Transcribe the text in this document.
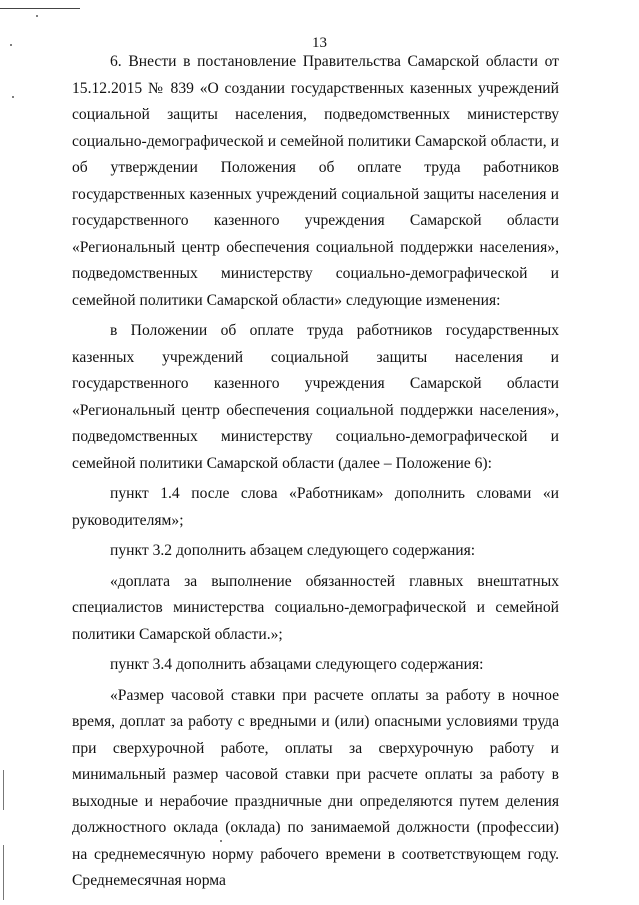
13

6. Внести в постановление Правительства Самарской области от 15.12.2015 № 839 «О создании государственных казенных учреждений социальной защиты населения, подведомственных министерству социально-демографической и семейной политики Самарской области, и об утверждении Положения об оплате труда работников государственных казенных учреждений социальной защиты населения и государственного казенного учреждения Самарской области «Региональный центр обеспечения социальной поддержки населения», подведомственных министерству социально-демографической и семейной политики Самарской области» следующие изменения:

в Положении об оплате труда работников государственных казенных учреждений социальной защиты населения и государственного казенного учреждения Самарской области «Региональный центр обеспечения социальной поддержки населения», подведомственных министерству социально-демографической и семейной политики Самарской области (далее – Положение 6):

пункт 1.4 после слова «Работникам» дополнить словами «и руководителям»;

пункт 3.2 дополнить абзацем следующего содержания:

«доплата за выполнение обязанностей главных внештатных специалистов министерства социально-демографической и семейной политики Самарской области.»;

пункт 3.4 дополнить абзацами следующего содержания:

«Размер часовой ставки при расчете оплаты за работу в ночное время, доплат за работу с вредными и (или) опасными условиями труда при сверхурочной работе, оплаты за сверхурочную работу и минимальный размер часовой ставки при расчете оплаты за работу в выходные и нерабочие праздничные дни определяются путем деления должностного оклада (оклада) по занимаемой должности (профессии) на среднемесячную норму рабочего времени в соответствующем году. Среднемесячная норма
